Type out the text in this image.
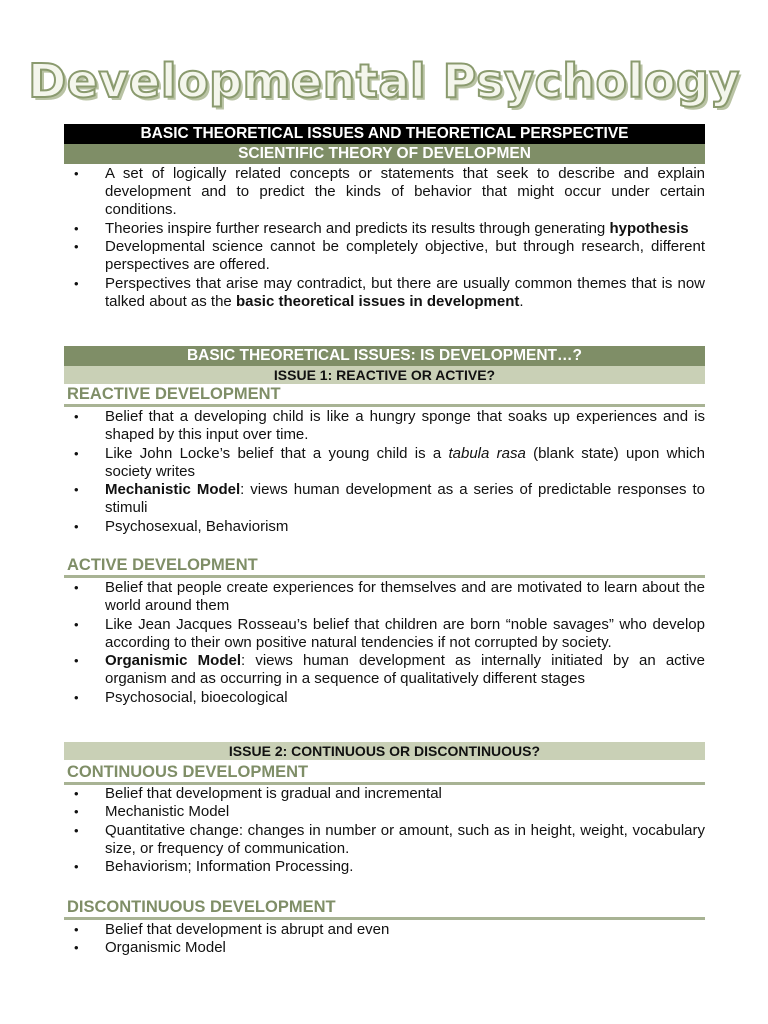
Developmental Psychology
BASIC THEORETICAL ISSUES AND THEORETICAL PERSPECTIVE
SCIENTIFIC THEORY OF DEVELOPMEN
• A set of logically related concepts or statements that seek to describe and explain development and to predict the kinds of behavior that might occur under certain conditions.
• Theories inspire further research and predicts its results through generating hypothesis
• Developmental science cannot be completely objective, but through research, different perspectives are offered.
• Perspectives that arise may contradict, but there are usually common themes that is now talked about as the basic theoretical issues in development.
BASIC THEORETICAL ISSUES: IS DEVELOPMENT…?
ISSUE 1: REACTIVE OR ACTIVE?
REACTIVE DEVELOPMENT
• Belief that a developing child is like a hungry sponge that soaks up experiences and is shaped by this input over time.
• Like John Locke’s belief that a young child is a tabula rasa (blank state) upon which society writes
• Mechanistic Model: views human development as a series of predictable responses to stimuli
• Psychosexual, Behaviorism
ACTIVE DEVELOPMENT
• Belief that people create experiences for themselves and are motivated to learn about the world around them
• Like Jean Jacques Rosseau’s belief that children are born “noble savages” who develop according to their own positive natural tendencies if not corrupted by society.
• Organismic Model: views human development as internally initiated by an active organism and as occurring in a sequence of qualitatively different stages
• Psychosocial, bioecological
ISSUE 2: CONTINUOUS OR DISCONTINUOUS?
CONTINUOUS DEVELOPMENT
• Belief that development is gradual and incremental
• Mechanistic Model
• Quantitative change: changes in number or amount, such as in height, weight, vocabulary size, or frequency of communication.
• Behaviorism; Information Processing.
DISCONTINUOUS DEVELOPMENT
• Belief that development is abrupt and even
• Organismic Model
